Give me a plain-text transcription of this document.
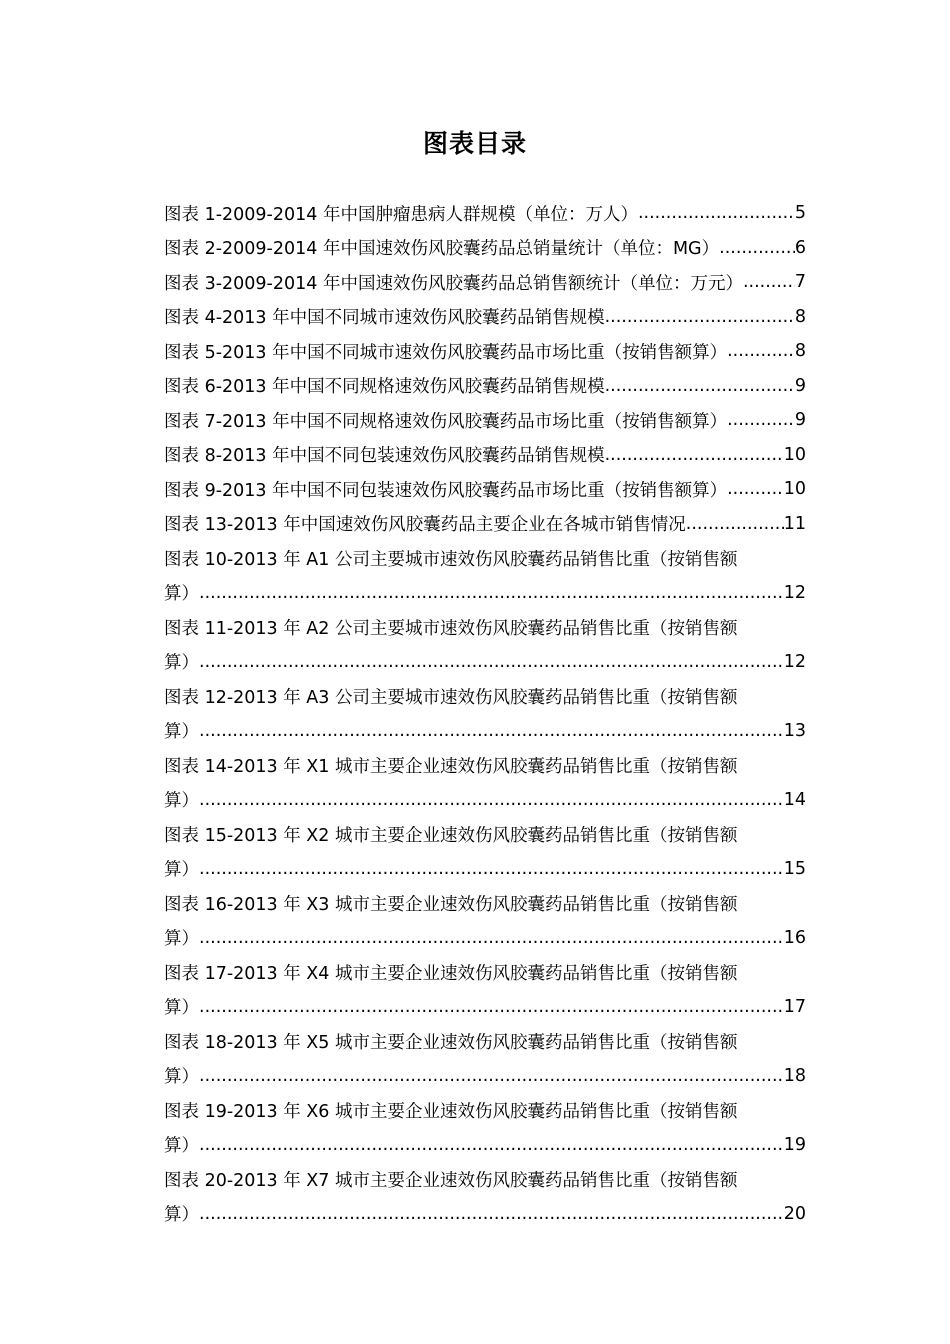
图表目录
图表 1-2009-2014 年中国肿瘤患病人群规模（单位：万人） .....	5
图表 2-2009-2014 年中国速效伤风胶囊药品总销量统计（单位：MG） .....	6
图表 3-2009-2014 年中国速效伤风胶囊药品总销售额统计（单位：万元） .....	7
图表 4-2013 年中国不同城市速效伤风胶囊药品销售规模 .....	8
图表 5-2013 年中国不同城市速效伤风胶囊药品市场比重（按销售额算） .....	8
图表 6-2013 年中国不同规格速效伤风胶囊药品销售规模 .....	9
图表 7-2013 年中国不同规格速效伤风胶囊药品市场比重（按销售额算） .....	9
图表 8-2013 年中国不同包装速效伤风胶囊药品销售规模 .....	10
图表 9-2013 年中国不同包装速效伤风胶囊药品市场比重（按销售额算） .....	10
图表 13-2013 年中国速效伤风胶囊药品主要企业在各城市销售情况 .....	11
图表 10-2013 年 A1 公司主要城市速效伤风胶囊药品销售比重（按销售额
算） .....	12
图表 11-2013 年 A2 公司主要城市速效伤风胶囊药品销售比重（按销售额
算） .....	12
图表 12-2013 年 A3 公司主要城市速效伤风胶囊药品销售比重（按销售额
算） .....	13
图表 14-2013 年 X1 城市主要企业速效伤风胶囊药品销售比重（按销售额
算） .....	14
图表 15-2013 年 X2 城市主要企业速效伤风胶囊药品销售比重（按销售额
算） .....	15
图表 16-2013 年 X3 城市主要企业速效伤风胶囊药品销售比重（按销售额
算） .....	16
图表 17-2013 年 X4 城市主要企业速效伤风胶囊药品销售比重（按销售额
算） .....	17
图表 18-2013 年 X5 城市主要企业速效伤风胶囊药品销售比重（按销售额
算） .....	18
图表 19-2013 年 X6 城市主要企业速效伤风胶囊药品销售比重（按销售额
算） .....	19
图表 20-2013 年 X7 城市主要企业速效伤风胶囊药品销售比重（按销售额
算） .....	20
